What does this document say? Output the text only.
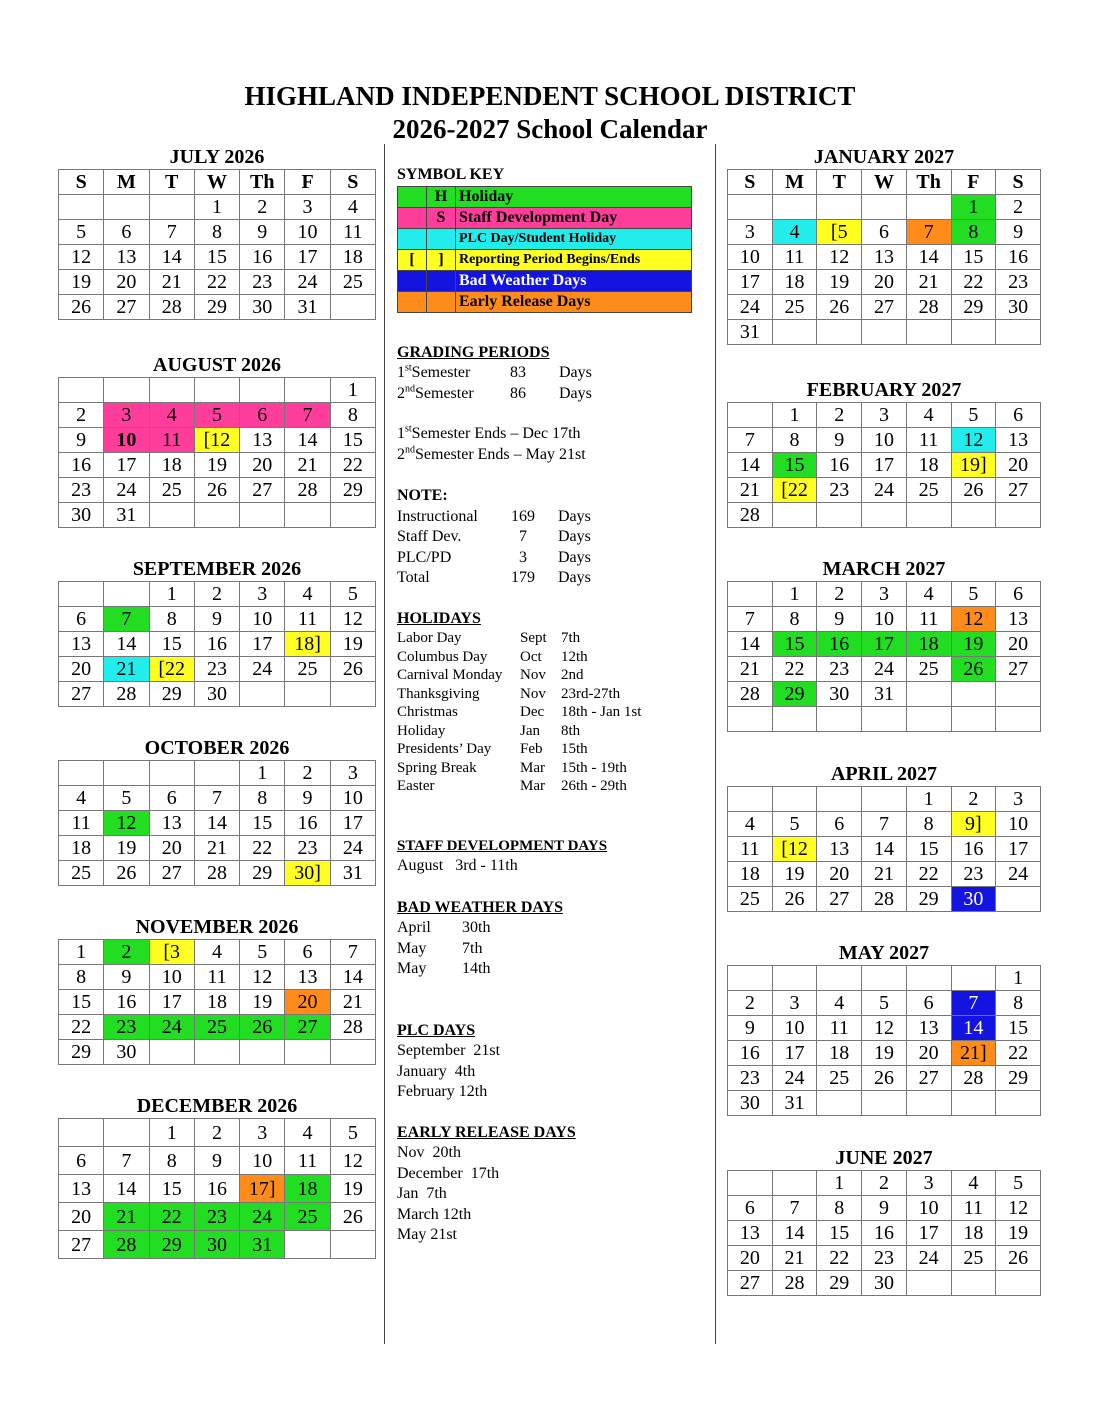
HIGHLAND INDEPENDENT SCHOOL DISTRICT
2026-2027 School Calendar
JULY 2026
S	M	T	W	Th	F	S
			1	2	3	4
5	6	7	8	9	10	11
12	13	14	15	16	17	18
19	20	21	22	23	24	25
26	27	28	29	30	31	
AUGUST 2026
						1
2	3	4	5	6	7	8
9	10	11	[12	13	14	15
16	17	18	19	20	21	22
23	24	25	26	27	28	29
30	31					
SEPTEMBER 2026
		1	2	3	4	5
6	7	8	9	10	11	12
13	14	15	16	17	18]	19
20	21	[22	23	24	25	26
27	28	29	30			
OCTOBER 2026
				1	2	3
4	5	6	7	8	9	10
11	12	13	14	15	16	17
18	19	20	21	22	23	24
25	26	27	28	29	30]	31
NOVEMBER 2026
1	2	[3	4	5	6	7
8	9	10	11	12	13	14
15	16	17	18	19	20	21
22	23	24	25	26	27	28
29	30					
DECEMBER 2026
		1	2	3	4	5
6	7	8	9	10	11	12
13	14	15	16	17]	18	19
20	21	22	23	24	25	26
27	28	29	30	31		
JANUARY 2027
S	M	T	W	Th	F	S
					1	2
3	4	[5	6	7	8	9
10	11	12	13	14	15	16
17	18	19	20	21	22	23
24	25	26	27	28	29	30
31						
FEBRUARY 2027
	1	2	3	4	5	6
7	8	9	10	11	12	13
14	15	16	17	18	19]	20
21	[22	23	24	25	26	27
28						
MARCH 2027
	1	2	3	4	5	6
7	8	9	10	11	12	13
14	15	16	17	18	19	20
21	22	23	24	25	26	27
28	29	30	31			

APRIL 2027
				1	2	3
4	5	6	7	8	9]	10
11	[12	13	14	15	16	17
18	19	20	21	22	23	24
25	26	27	28	29	30	
MAY 2027
						1
2	3	4	5	6	7	8
9	10	11	12	13	14	15
16	17	18	19	20	21]	22
23	24	25	26	27	28	29
30	31					
JUNE 2027
		1	2	3	4	5
6	7	8	9	10	11	12
13	14	15	16	17	18	19
20	21	22	23	24	25	26
27	28	29	30			
SYMBOL KEY
	H	Holiday
	S	Staff Development Day
		PLC Day/Student Holiday
[	]	Reporting Period Begins/Ends
		Bad Weather Days
		Early Release Days
GRADING PERIODS
1stSemester 83 Days
2ndSemester 86 Days
1stSemester Ends – Dec 17th
2ndSemester Ends – May 21st
NOTE:
Instructional 169 Days
Staff Dev.	7 Days
PLC/PD	3 Days
Total	179 Days
HOLIDAYS
Labor Day	Sept 7th
Columbus Day Oct 12th
Carnival Monday Nov 2nd
Thanksgiving	Nov 23rd-27th
Christmas	Dec 18th - Jan 1st
Holiday	Jan 8th
Presidents’ Day Feb 15th
Spring Break	Mar 15th - 19th
Easter	Mar 26th - 29th
STAFF DEVELOPMENT DAYS
August   3rd - 11th
BAD WEATHER DAYS
April 30th
May 7th
May 14th
PLC DAYS
September  21st
January  4th
February 12th
EARLY RELEASE DAYS
Nov  20th
December  17th
Jan  7th
March 12th
May 21st
